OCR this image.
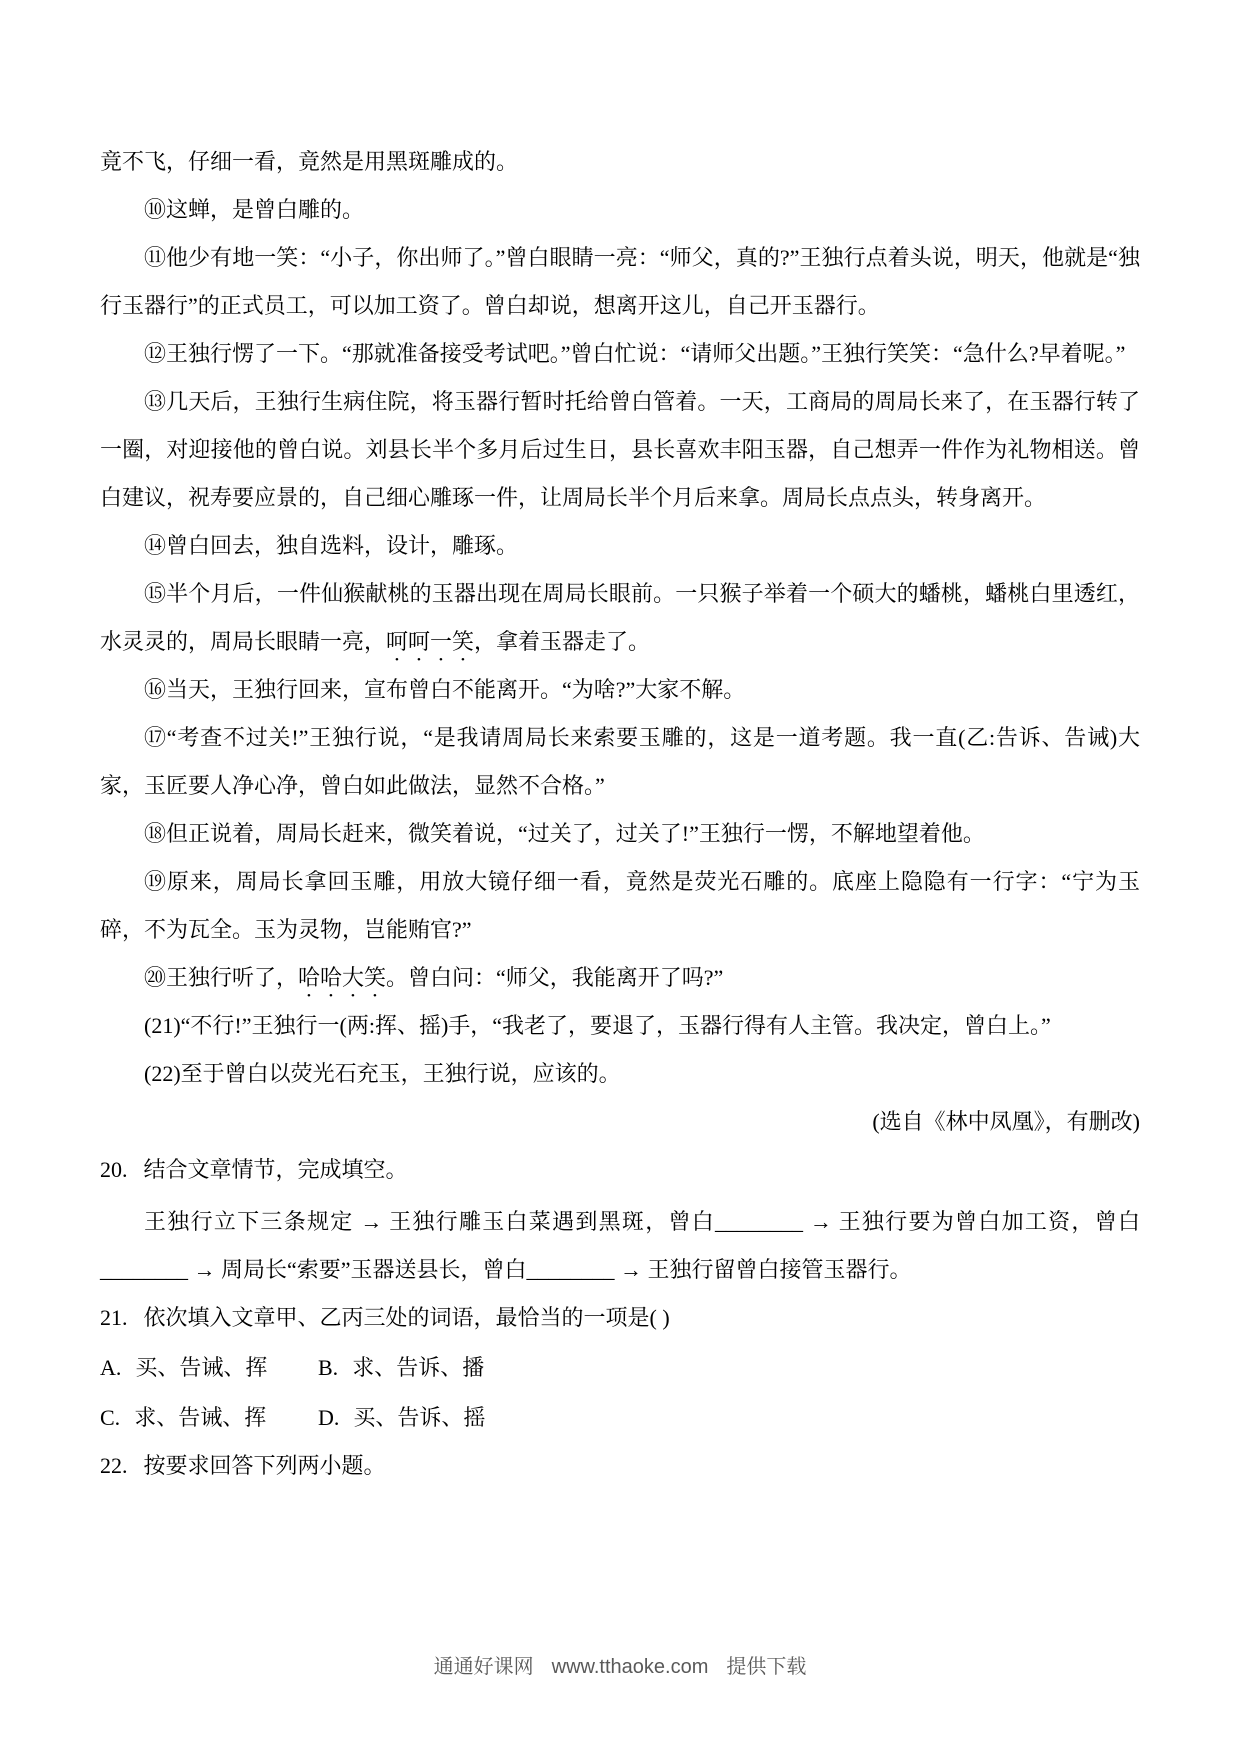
竟不飞，仔细一看，竟然是用黑斑雕成的。

⑩这蝉，是曾白雕的。

⑪他少有地一笑：“小子，你出师了。”曾白眼睛一亮：“师父，真的?”王独行点着头说，明天，他就是“独行玉器行”的正式员工，可以加工资了。曾白却说，想离开这儿，自己开玉器行。

⑫王独行愣了一下。“那就准备接受考试吧。”曾白忙说：“请师父出题。”王独行笑笑：“急什么?早着呢。”

⑬几天后，王独行生病住院，将玉器行暂时托给曾白管着。一天，工商局的周局长来了，在玉器行转了一圈，对迎接他的曾白说。刘县长半个多月后过生日，县长喜欢丰阳玉器，自己想弄一件作为礼物相送。曾白建议，祝寿要应景的，自己细心雕琢一件，让周局长半个月后来拿。周局长点点头，转身离开。

⑭曾白回去，独自选料，设计，雕琢。

⑮半个月后，一件仙猴献桃的玉器出现在周局长眼前。一只猴子举着一个硕大的蟠桃，蟠桃白里透红，水灵灵的，周局长眼睛一亮，呵呵一笑，拿着玉器走了。

⑯当天，王独行回来，宣布曾白不能离开。“为啥?”大家不解。

⑰“考查不过关!”王独行说，“是我请周局长来索要玉雕的，这是一道考题。我一直(乙:告诉、告诫)大家，玉匠要人净心净，曾白如此做法，显然不合格。”

⑱但正说着，周局长赶来，微笑着说，“过关了，过关了!”王独行一愣，不解地望着他。

⑲原来，周局长拿回玉雕，用放大镜仔细一看，竟然是荧光石雕的。底座上隐隐有一行字：“宁为玉碎，不为瓦全。玉为灵物，岂能贿官?”

⑳王独行听了，哈哈大笑。曾白问：“师父，我能离开了吗?”

(21)“不行!”王独行一(两:挥、摇)手，“我老了，要退了，玉器行得有人主管。我决定，曾白上。”

(22)至于曾白以荧光石充玉，王独行说，应该的。

(选自《林中凤凰》，有删改)

20. 结合文章情节，完成填空。

王独行立下三条规定 → 王独行雕玉白菜遇到黑斑，曾白________ → 王独行要为曾白加工资，曾白________ → 周局长“索要”玉器送县长，曾白________ → 王独行留曾白接管玉器行。

21. 依次填入文章甲、乙丙三处的词语，最恰当的一项是( )

A. 买、告诫、挥	B. 求、告诉、播
C. 求、告诫、挥	D. 买、告诉、摇

22. 按要求回答下列两小题。

通通好课网 www.tthaoke.com 提供下载
